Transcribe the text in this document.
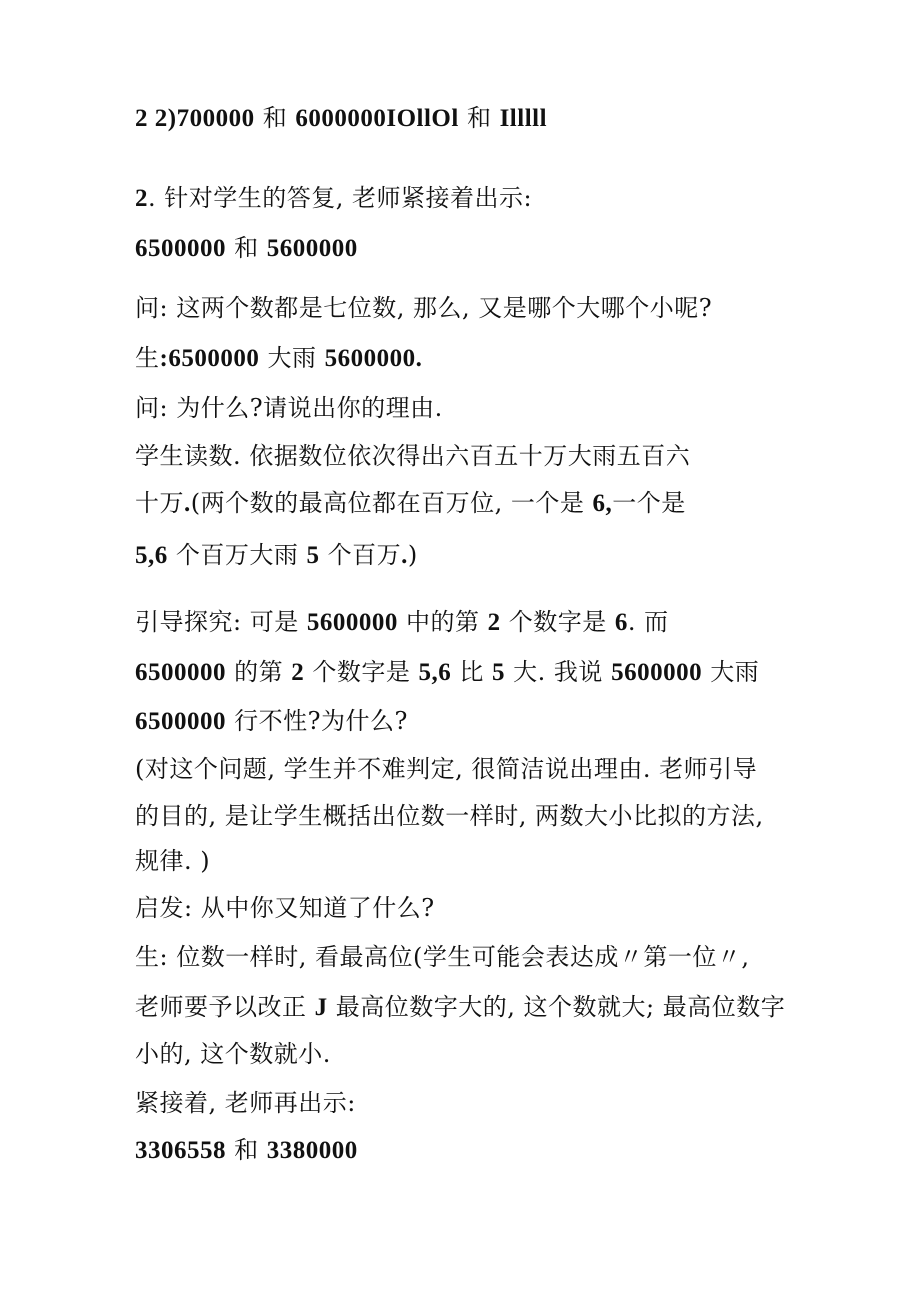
2 2)700000 和 6000000IOllOl 和 Illlll

2. 针对学生的答复, 老师紧接着出示:

6500000 和 5600000

问: 这两个数都是七位数, 那么, 又是哪个大哪个小呢?

生:6500000 大雨 5600000.

问: 为什么?请说出你的理由.

学生读数. 依据数位依次得出六百五十万大雨五百六

十万.(两个数的最高位都在百万位, 一个是 6,一个是

5,6 个百万大雨 5 个百万.)

引导探究: 可是 5600000 中的第 2 个数字是 6. 而

6500000 的第 2 个数字是 5,6 比 5 大. 我说 5600000 大雨

6500000 行不性?为什么?

(对这个问题, 学生并不难判定, 很简洁说出理由. 老师引导

的目的, 是让学生概括出位数一样时, 两数大小比拟的方法,

规律. )

启发: 从中你又知道了什么?

生: 位数一样时, 看最高位(学生可能会表达成〃第一位〃,

老师要予以改正 J 最高位数字大的, 这个数就大; 最高位数字

小的, 这个数就小.

紧接着, 老师再出示:

3306558 和 3380000
